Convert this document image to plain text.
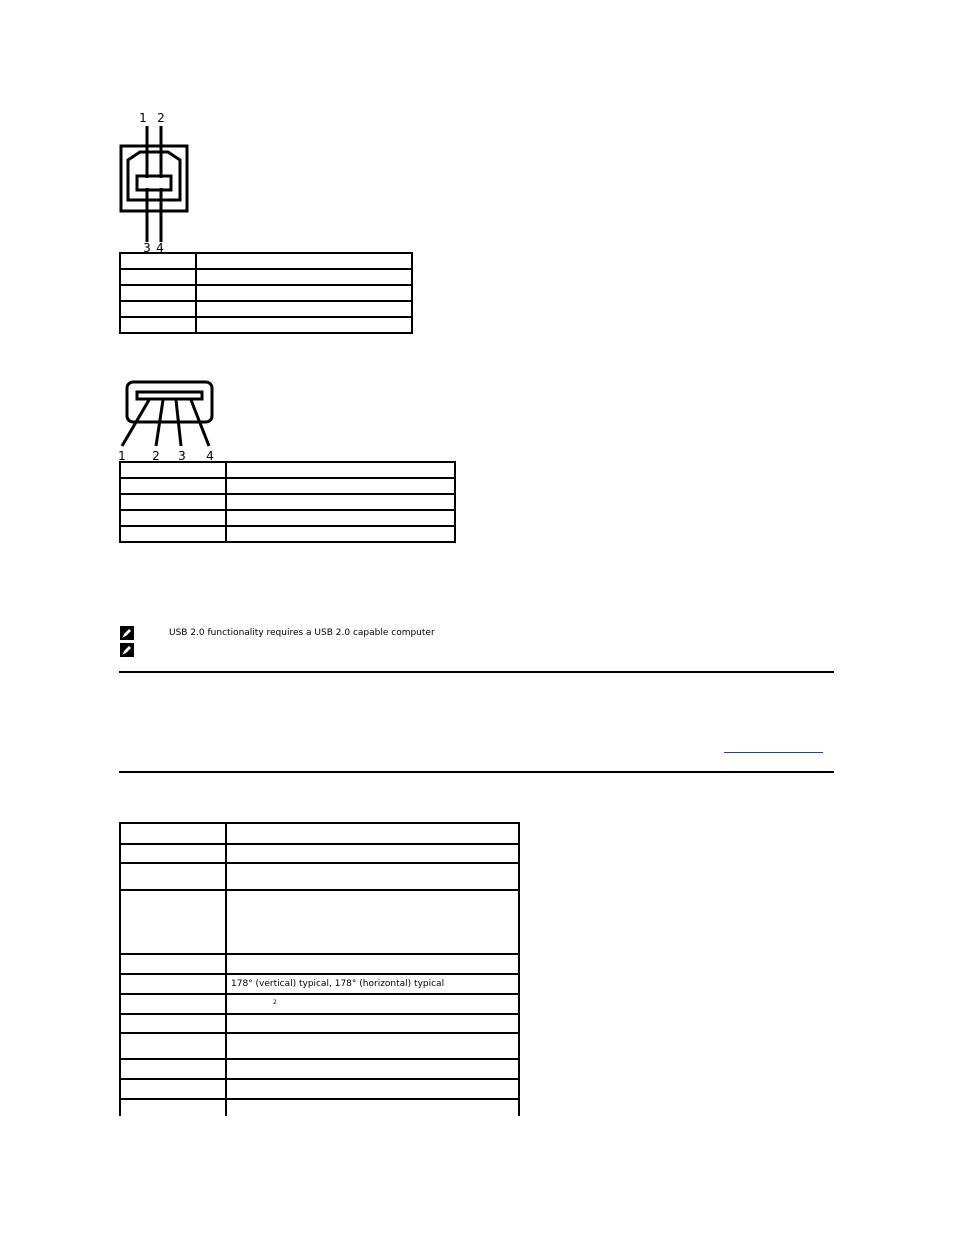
1 2
3 4

1 2 3 4

USB 2.0 functionality requires a USB 2.0 capable computer

	178° (vertical) typical, 178° (horizontal) typical
	$^2$
